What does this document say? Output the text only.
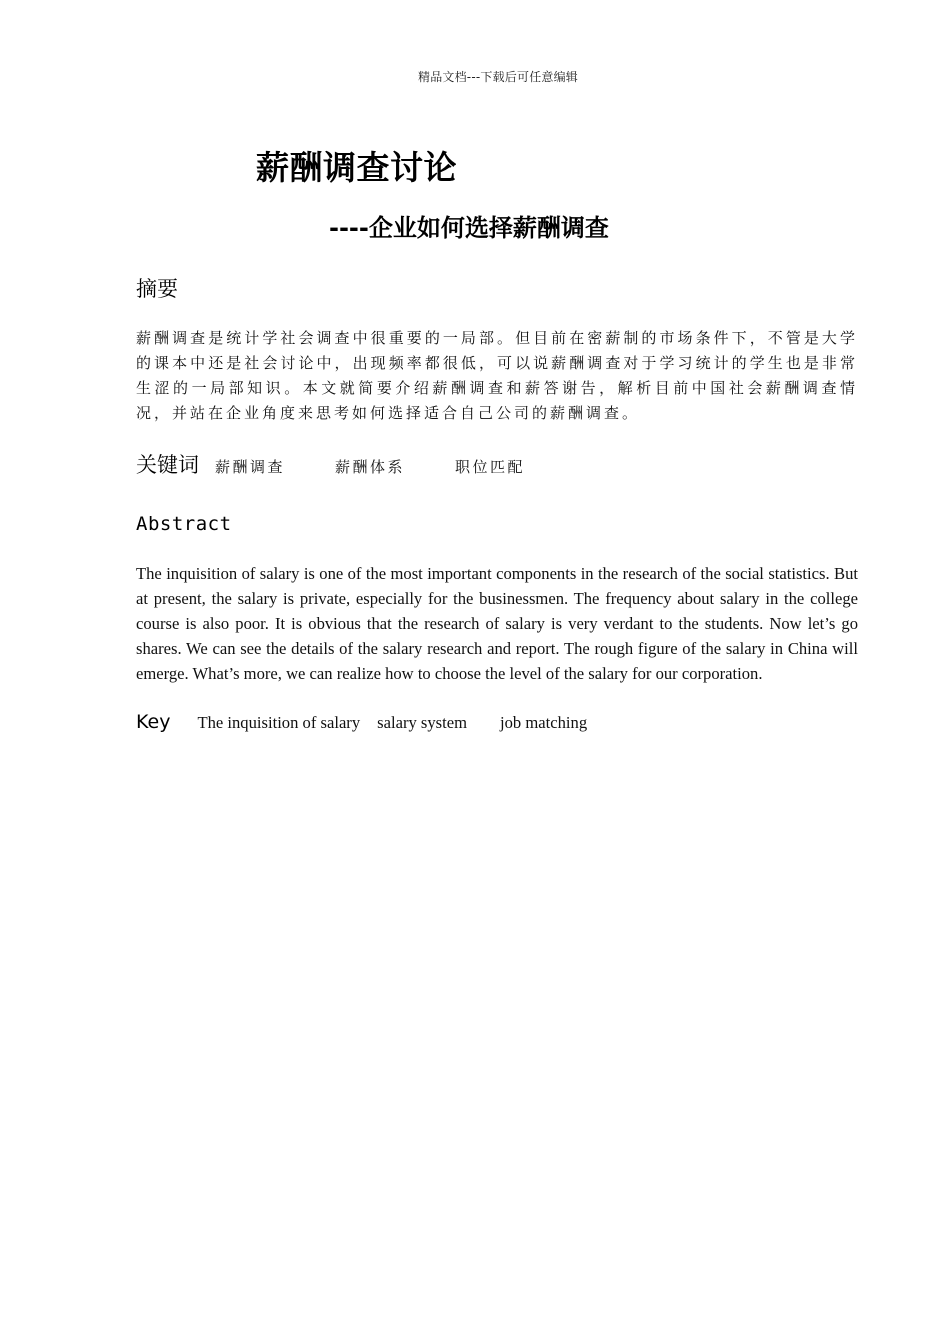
精品文档---下载后可任意编辑
薪酬调查讨论
----企业如何选择薪酬调查
摘要
薪酬调查是统计学社会调查中很重要的一局部。但目前在密薪制的市场条件下，不管是大学的课本中还是社会讨论中，出现频率都很低，可以说薪酬调查对于学习统计的学生也是非常生涩的一局部知识。本文就简要介绍薪酬调查和薪答谢告，解析目前中国社会薪酬调查情况，并站在企业角度来思考如何选择适合自己公司的薪酬调查。
关键词 薪酬调查	薪酬体系	职位匹配
Abstract
The inquisition of salary is one of the most important components in the research of the social statistics. But at present, the salary is private, especially for the businessmen. The frequency about salary in the college course is also poor. It is obvious that the research of salary is very verdant to the students. Now let’s go shares. We can see the details of the salary research and report. The rough figure of the salary in China will emerge. What’s more, we can realize how to choose the level of the salary for our corporation.
Key The inquisition of salary salary system job matching
